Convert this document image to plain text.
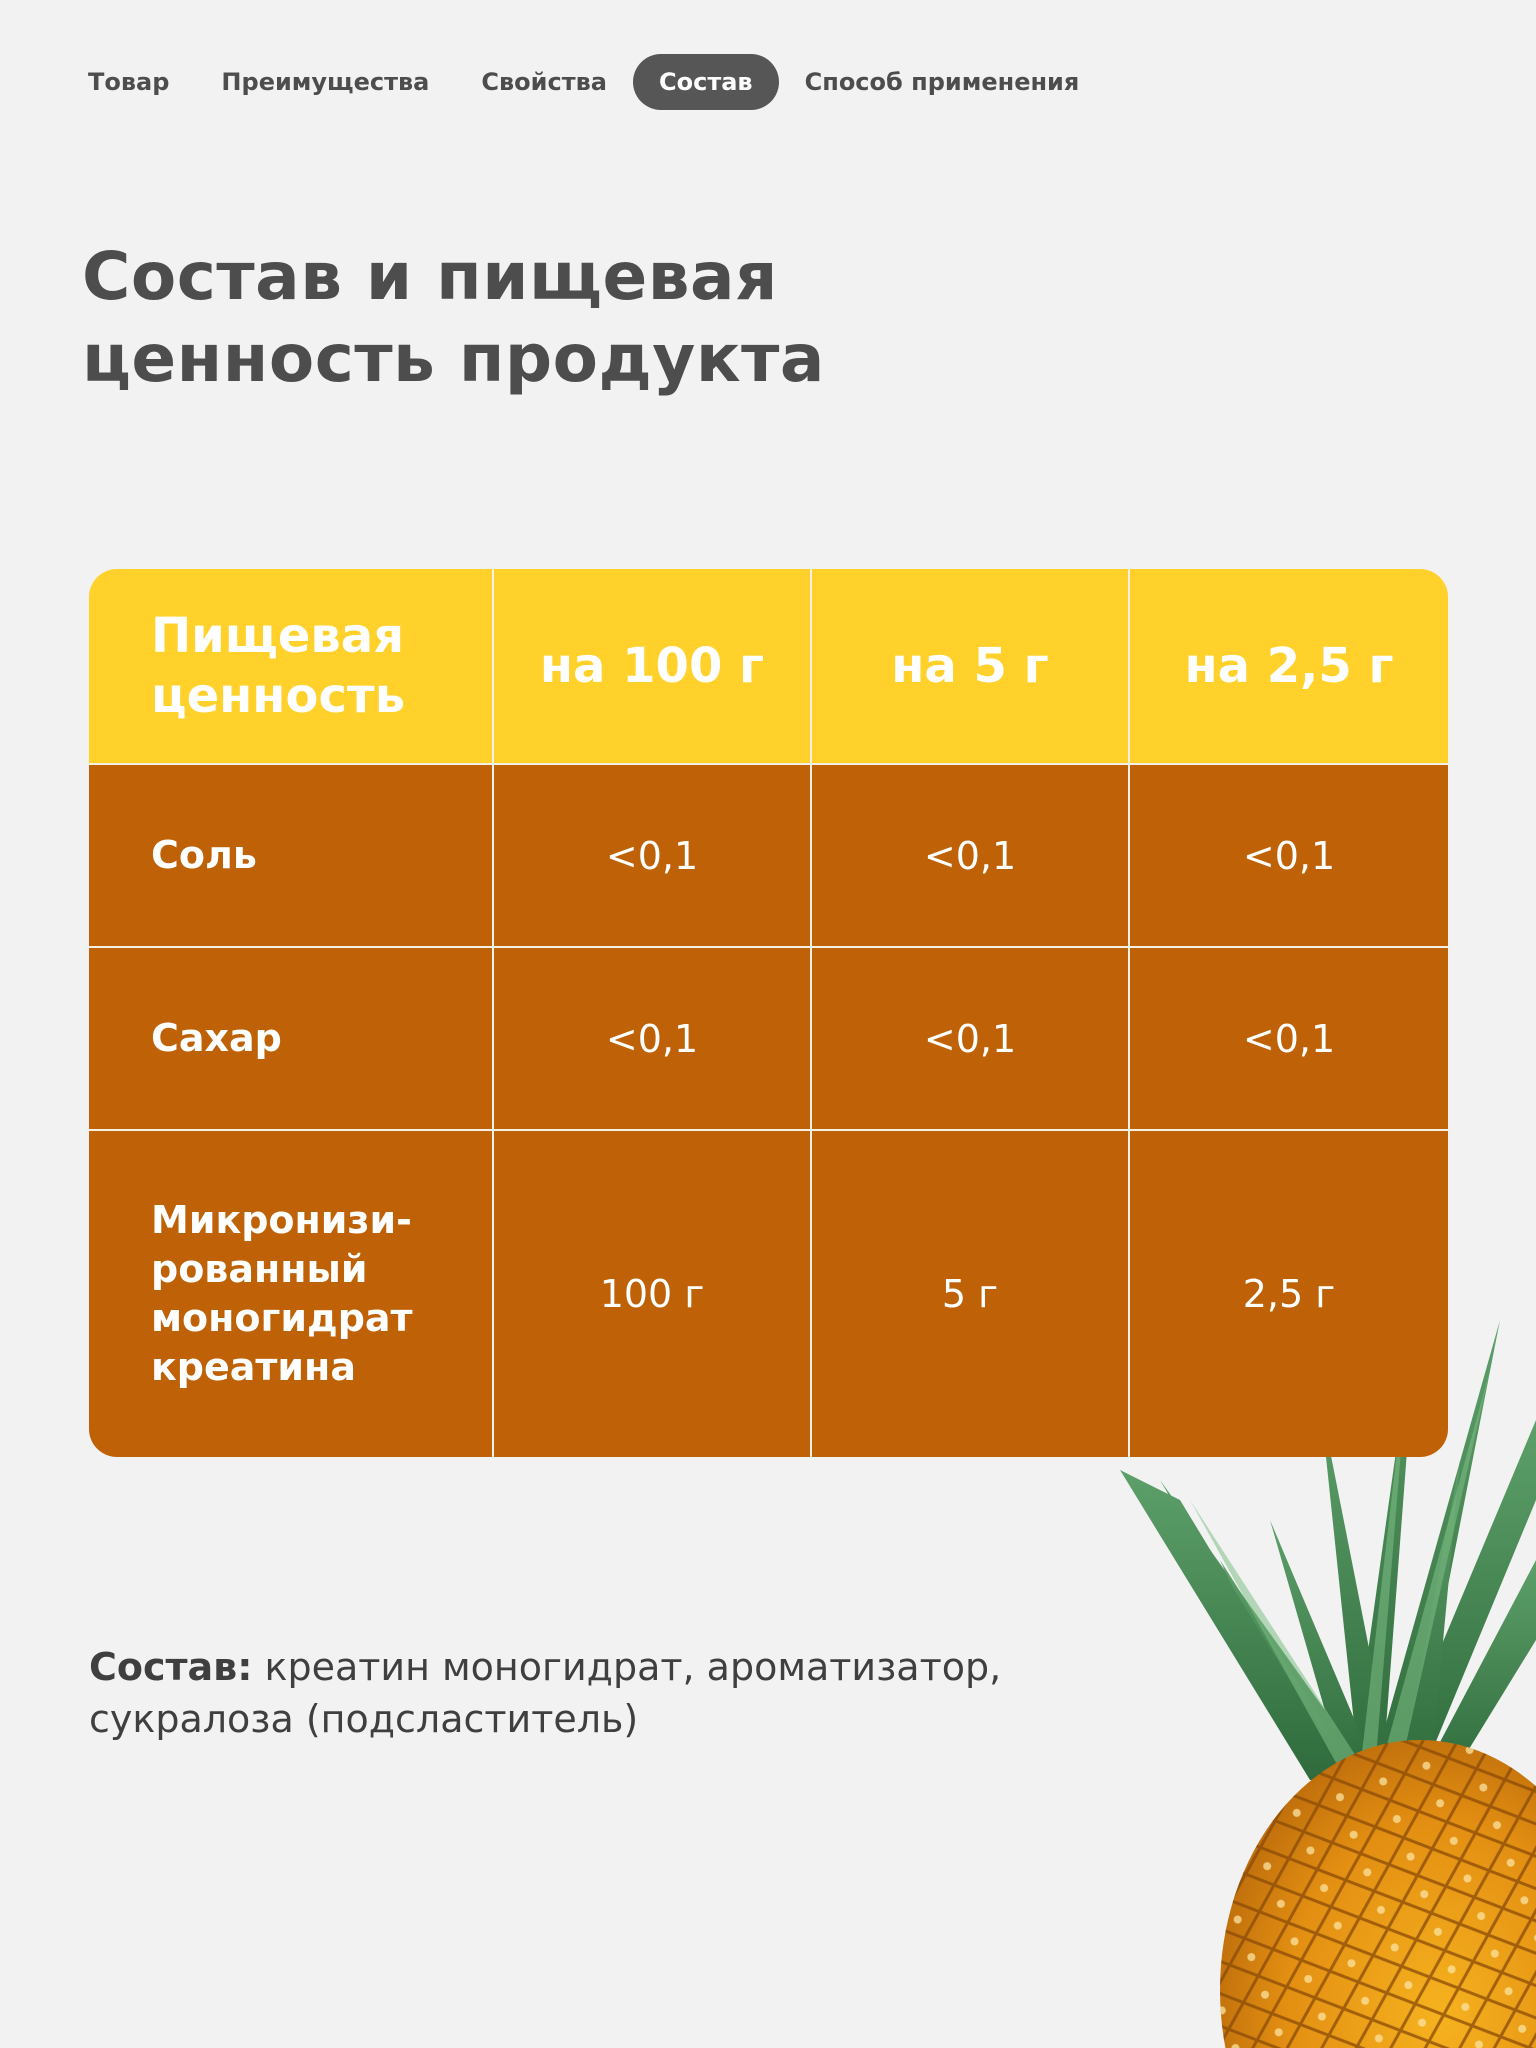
Товар	Преимущества	Свойства	Состав	Способ применения
Состав и пищевая
ценность продукта
Пищевая
ценность	на 100 г	на 5 г	на 2,5 г

Соль	<0,1	<0,1	<0,1

Сахар	<0,1	<0,1	<0,1

Микронизи-
рованный
моногидрат
креатина	100 г	5 г	2,5 г

Состав: креатин моногидрат, ароматизатор, сукралоза (подсластитель)
